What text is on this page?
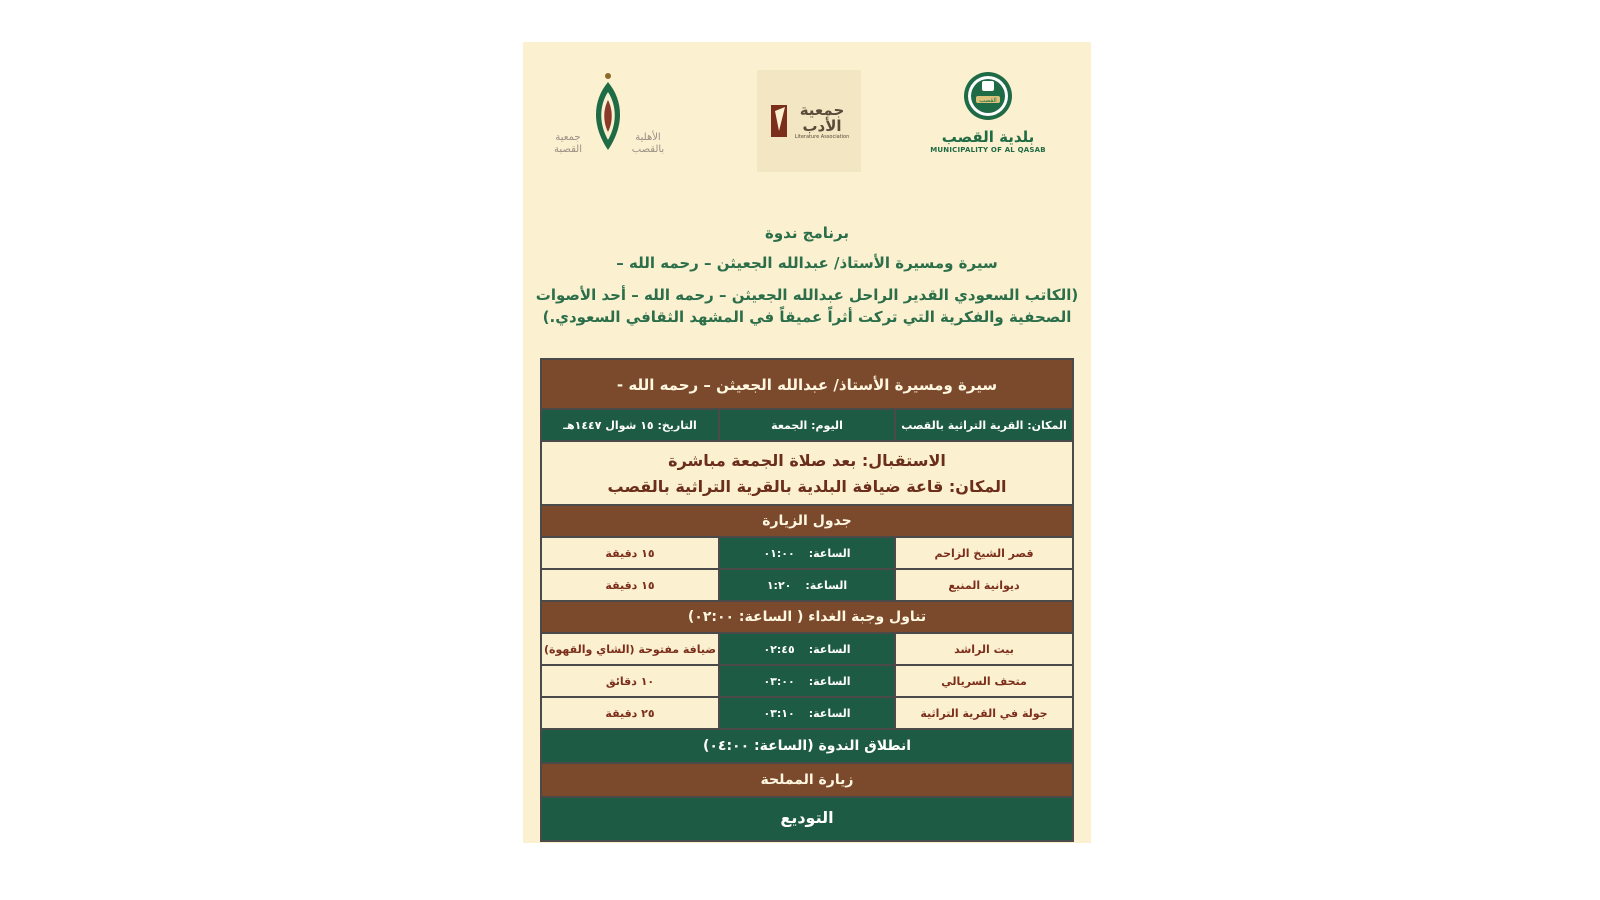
القصب
بلدية القصب
MUNICIPALITY OF AL QASAB
جمعية
الأدب
Literature Association
جمعية
القصبة
الأهلية
بالقصب
برنامج ندوة
سيرة ومسيرة الأستاذ/ عبدالله الجعيثن – رحمه الله –
(الكاتب السعودي القدير الراحل عبدالله الجعيثن – رحمه الله – أحد الأصوات الصحفية والفكرية التي تركت أثراً عميقاً في المشهد الثقافي السعودي.)
سيرة ومسيرة الأستاذ/ عبدالله الجعيثن – رحمه الله -
المكان: القرية التراثية بالقصب
اليوم: الجمعة
التاريخ: ١٥ شوال ١٤٤٧هـ
الاستقبال: بعد صلاة الجمعة مباشرة
المكان: قاعة ضيافة البلدية بالقرية التراثية بالقصب
جدول الزيارة
قصر الشيخ الزاحم
الساعة:
٠١:٠٠
١٥ دقيقة
ديوانية المنيع
الساعة:
١:٢٠
١٥ دقيقة
تناول وجبة الغداء ( الساعة: ٠٢:٠٠)
بيت الراشد
الساعة:
٠٢:٤٥
ضيافة مفتوحة (الشاي والقهوة)
متحف السريالي
الساعة:
٠٣:٠٠
١٠ دقائق
جولة في القرية التراثية
الساعة:
٠٣:١٠
٢٥ دقيقة
انطلاق الندوة (الساعة: ٠٤:٠٠)
زيارة المملحة
التوديع
